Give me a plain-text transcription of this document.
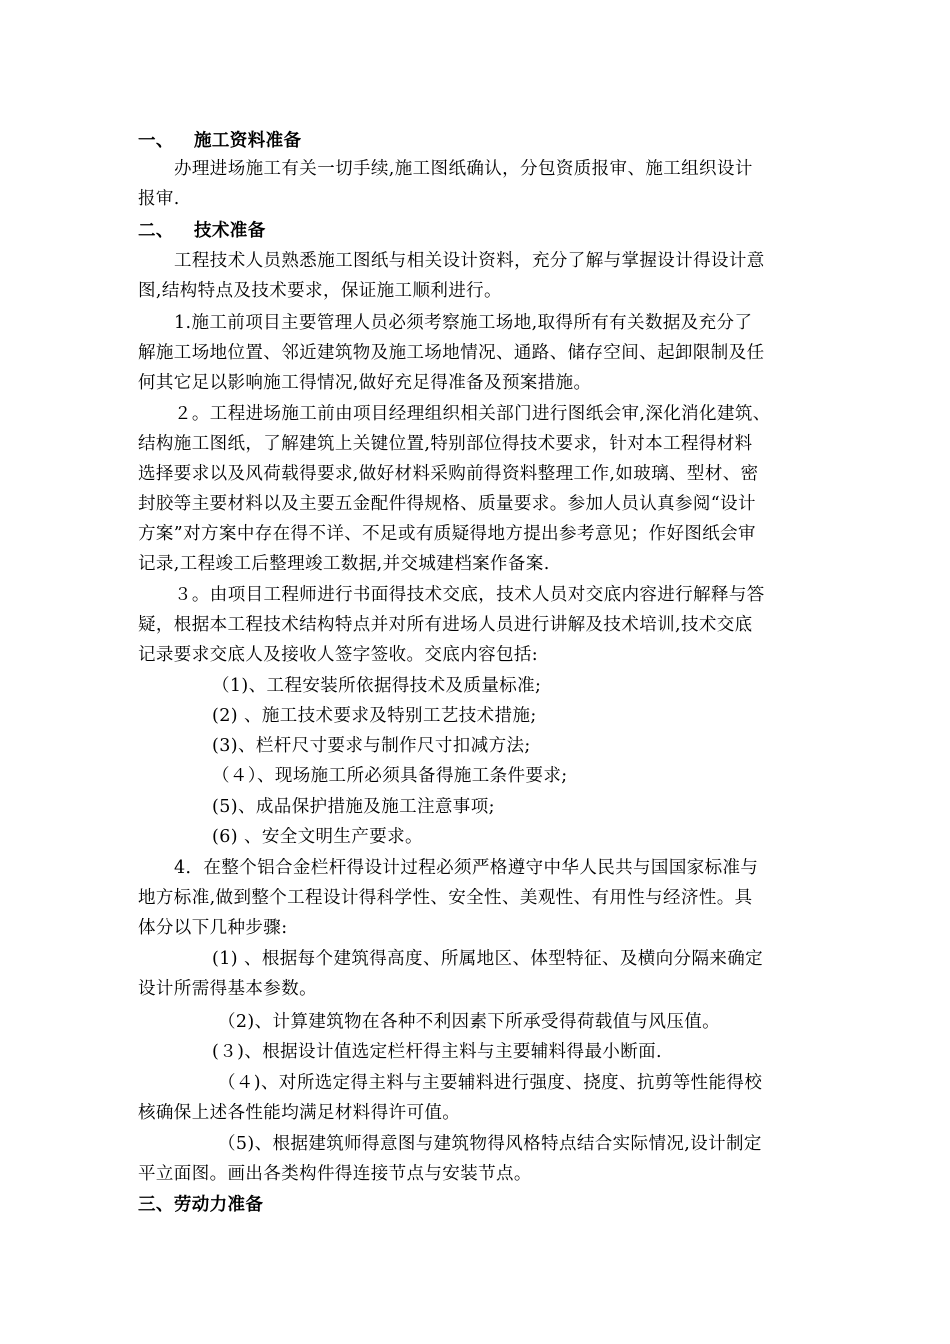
一、 施工资料准备
办理进场施工有关一切手续,施工图纸确认，分包资质报审、施工组织设计
报审.
二、 技术准备
工程技术人员熟悉施工图纸与相关设计资料，充分了解与掌握设计得设计意
图,结构特点及技术要求，保证施工顺利进行。
1.施工前项目主要管理人员必须考察施工场地,取得所有有关数据及充分了
解施工场地位置、邻近建筑物及施工场地情况、通路、储存空间、起卸限制及任
何其它足以影响施工得情况,做好充足得准备及预案措施。
２。工程进场施工前由项目经理组织相关部门进行图纸会审,深化消化建筑、
结构施工图纸，了解建筑上关键位置,特别部位得技术要求，针对本工程得材料
选择要求以及风荷载得要求,做好材料采购前得资料整理工作,如玻璃、型材、密
封胶等主要材料以及主要五金配件得规格、质量要求。参加人员认真参阅“设计
方案”对方案中存在得不详、不足或有质疑得地方提出参考意见；作好图纸会审
记录,工程竣工后整理竣工数据,并交城建档案作备案.
３。由项目工程师进行书面得技术交底，技术人员对交底内容进行解释与答
疑，根据本工程技术结构特点并对所有进场人员进行讲解及技术培训,技术交底
记录要求交底人及接收人签字签收。交底内容包括:
（1)、工程安装所依据得技术及质量标准;
(2) 、施工技术要求及特别工艺技术措施;
(3)、栏杆尺寸要求与制作尺寸扣减方法;
（４）、现场施工所必须具备得施工条件要求;
(5)、成品保护措施及施工注意事项;
(6) 、安全文明生产要求。
4．在整个铝合金栏杆得设计过程必须严格遵守中华人民共与国国家标准与
地方标准,做到整个工程设计得科学性、安全性、美观性、有用性与经济性。具
体分以下几种步骤:
(1) 、根据每个建筑得高度、所属地区、体型特征、及横向分隔来确定
设计所需得基本参数。
（2)、计算建筑物在各种不利因素下所承受得荷载值与风压值。
(３)、根据设计值选定栏杆得主料与主要辅料得最小断面.
（４)、对所选定得主料与主要辅料进行强度、挠度、抗剪等性能得校
核确保上述各性能均满足材料得许可值。
（5)、根据建筑师得意图与建筑物得风格特点结合实际情况,设计制定
平立面图。画出各类构件得连接节点与安装节点。
三、劳动力准备
